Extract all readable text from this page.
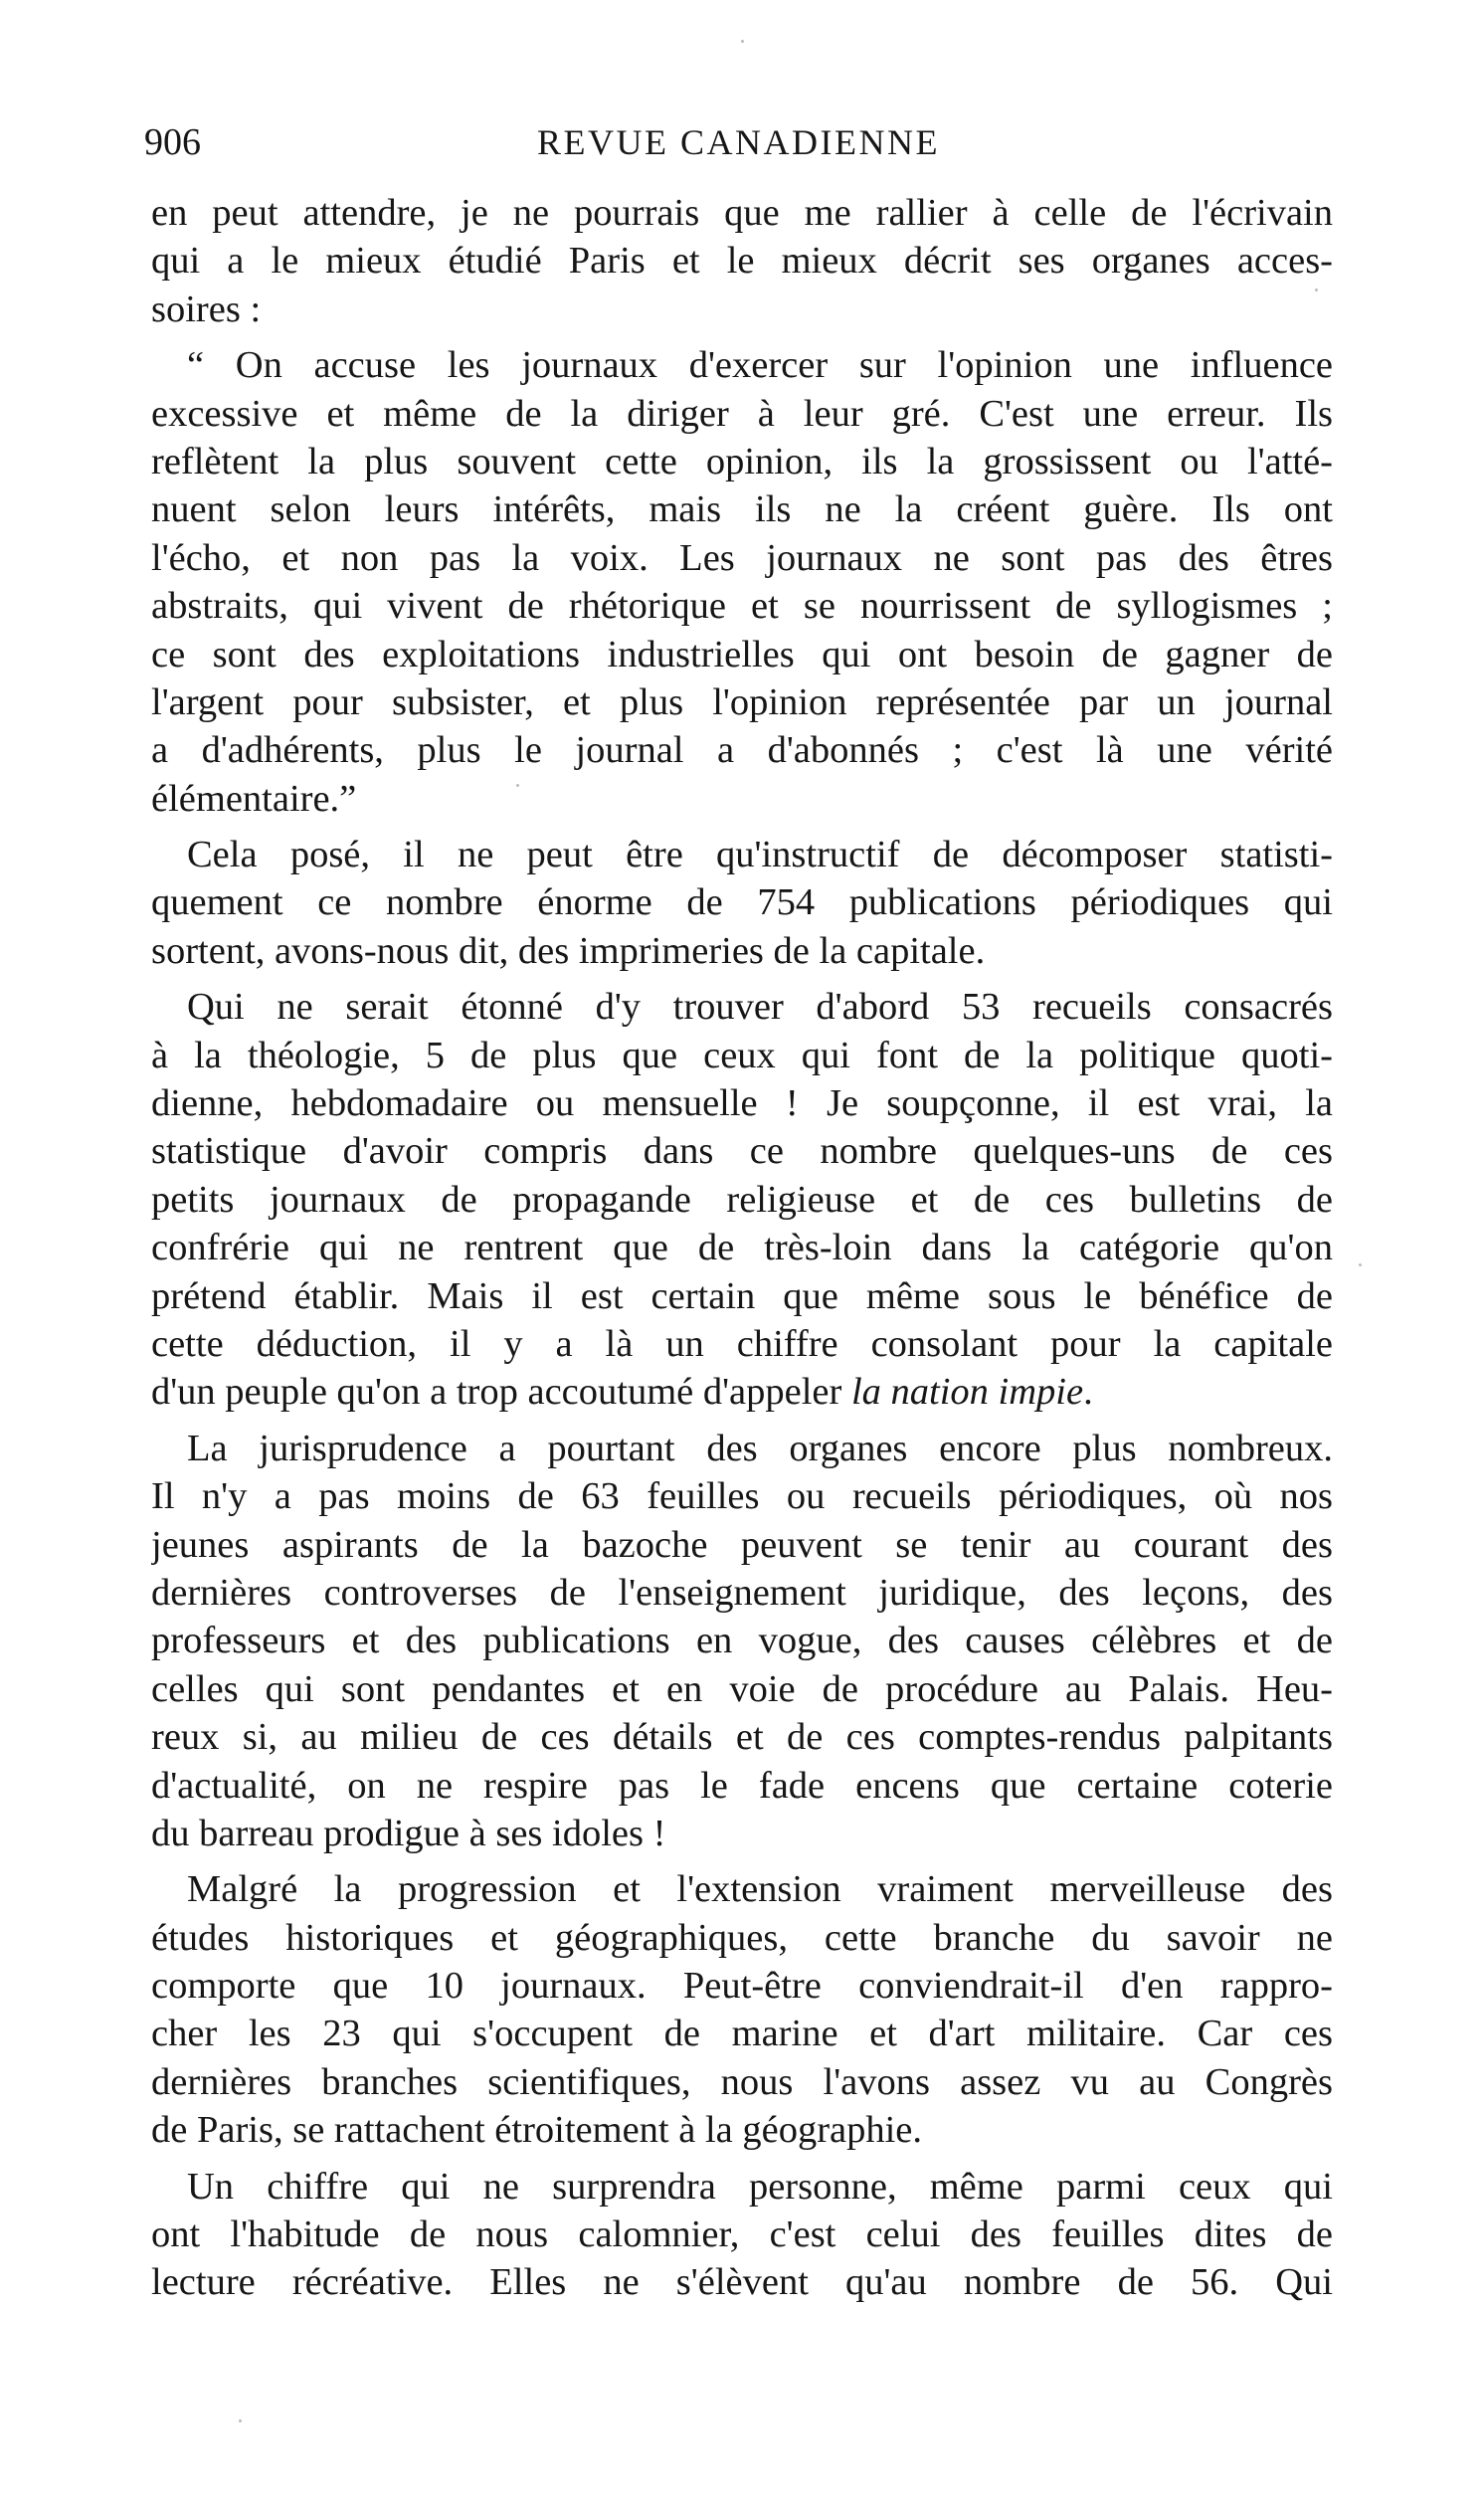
906	REVUE CANADIENNE
en peut attendre, je ne pourrais que me rallier à celle de l'écrivain
qui a le mieux étudié Paris et le mieux décrit ses organes acces-
soires :
“ On accuse les journaux d'exercer sur l'opinion une influence
excessive et même de la diriger à leur gré. C'est une erreur. Ils
reflètent la plus souvent cette opinion, ils la grossissent ou l'atté-
nuent selon leurs intérêts, mais ils ne la créent guère. Ils ont
l'écho, et non pas la voix. Les journaux ne sont pas des êtres
abstraits, qui vivent de rhétorique et se nourrissent de syllogismes ;
ce sont des exploitations industrielles qui ont besoin de gagner de
l'argent pour subsister, et plus l'opinion représentée par un journal
a d'adhérents, plus le journal a d'abonnés ; c'est là une vérité
élémentaire.”
Cela posé, il ne peut être qu'instructif de décomposer statisti-
quement ce nombre énorme de 754 publications périodiques qui
sortent, avons-nous dit, des imprimeries de la capitale.
Qui ne serait étonné d'y trouver d'abord 53 recueils consacrés
à la théologie, 5 de plus que ceux qui font de la politique quoti-
dienne, hebdomadaire ou mensuelle ! Je soupçonne, il est vrai, la
statistique d'avoir compris dans ce nombre quelques-uns de ces
petits journaux de propagande religieuse et de ces bulletins de
confrérie qui ne rentrent que de très-loin dans la catégorie qu'on
prétend établir. Mais il est certain que même sous le bénéfice de
cette déduction, il y a là un chiffre consolant pour la capitale
d'un peuple qu'on a trop accoutumé d'appeler la nation impie.
La jurisprudence a pourtant des organes encore plus nombreux.
Il n'y a pas moins de 63 feuilles ou recueils périodiques, où nos
jeunes aspirants de la bazoche peuvent se tenir au courant des
dernières controverses de l'enseignement juridique, des leçons, des
professeurs et des publications en vogue, des causes célèbres et de
celles qui sont pendantes et en voie de procédure au Palais. Heu-
reux si, au milieu de ces détails et de ces comptes-rendus palpitants
d'actualité, on ne respire pas le fade encens que certaine coterie
du barreau prodigue à ses idoles !
Malgré la progression et l'extension vraiment merveilleuse des
études historiques et géographiques, cette branche du savoir ne
comporte que 10 journaux. Peut-être conviendrait-il d'en rappro-
cher les 23 qui s'occupent de marine et d'art militaire. Car ces
dernières branches scientifiques, nous l'avons assez vu au Congrès
de Paris, se rattachent étroitement à la géographie.
Un chiffre qui ne surprendra personne, même parmi ceux qui
ont l'habitude de nous calomnier, c'est celui des feuilles dites de
lecture récréative. Elles ne s'élèvent qu'au nombre de 56. Qui
